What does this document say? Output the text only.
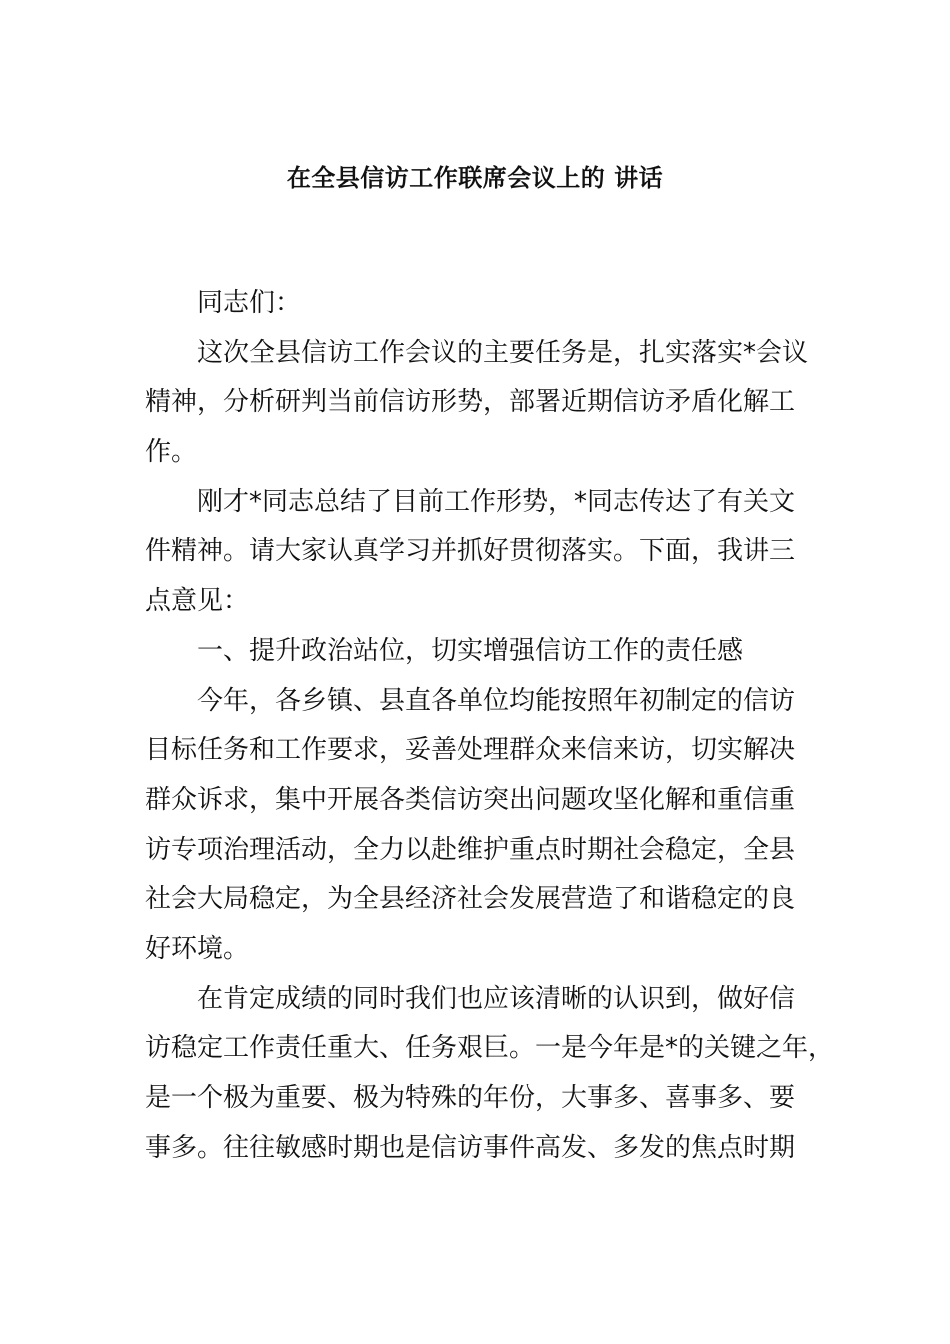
在全县信访工作联席会议上的 讲话
同志们：
这次全县信访工作会议的主要任务是，扎实落实*会议
精神，分析研判当前信访形势，部署近期信访矛盾化解工
作。
刚才*同志总结了目前工作形势，*同志传达了有关文
件精神。请大家认真学习并抓好贯彻落实。下面，我讲三
点意见：
一、提升政治站位，切实增强信访工作的责任感
今年，各乡镇、县直各单位均能按照年初制定的信访
目标任务和工作要求，妥善处理群众来信来访，切实解决
群众诉求，集中开展各类信访突出问题攻坚化解和重信重
访专项治理活动，全力以赴维护重点时期社会稳定，全县
社会大局稳定，为全县经济社会发展营造了和谐稳定的良
好环境。
在肯定成绩的同时我们也应该清晰的认识到，做好信
访稳定工作责任重大、任务艰巨。一是今年是*的关键之年，
是一个极为重要、极为特殊的年份，大事多、喜事多、要
事多。往往敏感时期也是信访事件高发、多发的焦点时期
